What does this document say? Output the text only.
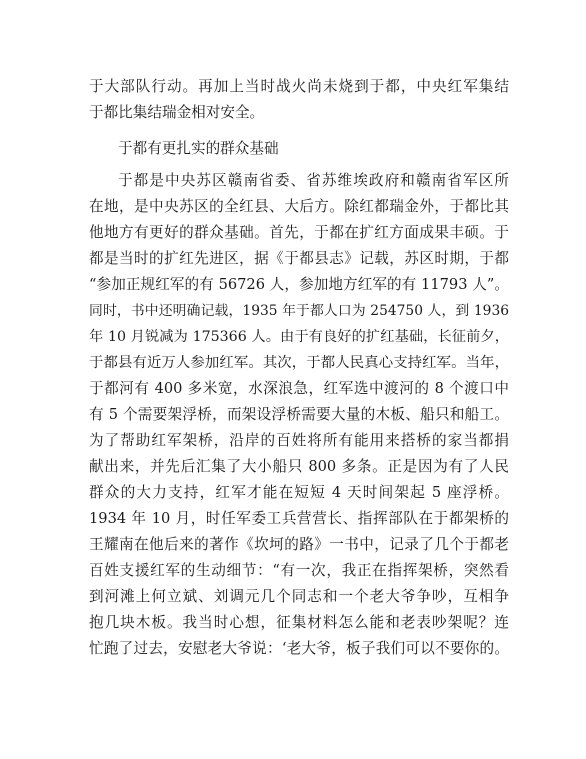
于大部队行动。再加上当时战火尚未烧到于都，中央红军集结
于都比集结瑞金相对安全。
于都有更扎实的群众基础
于都是中央苏区赣南省委、省苏维埃政府和赣南省军区所
在地，是中央苏区的全红县、大后方。除红都瑞金外，于都比其
他地方有更好的群众基础。首先，于都在扩红方面成果丰硕。于
都是当时的扩红先进区，据《于都县志》记载，苏区时期，于都
“参加正规红军的有 56726 人，参加地方红军的有 11793 人”。
同时，书中还明确记载，1935 年于都人口为 254750 人，到 1936
年 10 月锐减为 175366 人。由于有良好的扩红基础，长征前夕，
于都县有近万人参加红军。其次，于都人民真心支持红军。当年，
于都河有 400 多米宽，水深浪急，红军选中渡河的 8 个渡口中
有 5 个需要架浮桥，而架设浮桥需要大量的木板、船只和船工。
为了帮助红军架桥，沿岸的百姓将所有能用来搭桥的家当都捐
献出来，并先后汇集了大小船只 800 多条。正是因为有了人民
群众的大力支持，红军才能在短短 4 天时间架起 5 座浮桥。
1934 年 10 月，时任军委工兵营营长、指挥部队在于都架桥的
王耀南在他后来的著作《坎坷的路》一书中，记录了几个于都老
百姓支援红军的生动细节：“有一次，我正在指挥架桥，突然看
到河滩上何立斌、刘调元几个同志和一个老大爷争吵，互相争
抱几块木板。我当时心想，征集材料怎么能和老表吵架呢？连
忙跑了过去，安慰老大爷说：‘老大爷，板子我们可以不要你的。
